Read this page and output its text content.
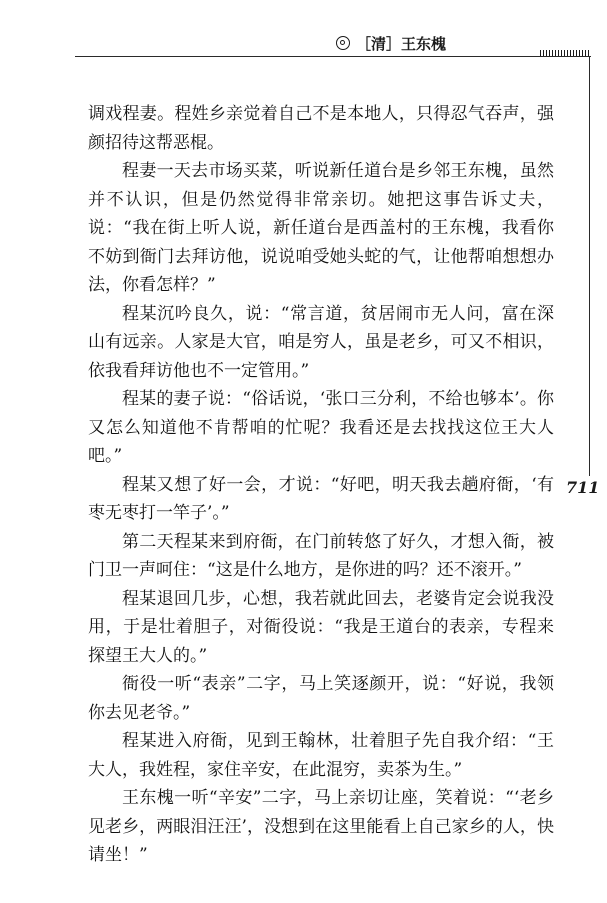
［清］王东槐
711

调戏程妻。程姓乡亲觉着自己不是本地人，只得忍气吞声，强颜招待这帮恶棍。

程妻一天去市场买菜，听说新任道台是乡邻王东槐，虽然并不认识，但是仍然觉得非常亲切。她把这事告诉丈夫，说：“我在街上听人说，新任道台是西盖村的王东槐，我看你不妨到衙门去拜访他，说说咱受她头蛇的气，让他帮咱想想办法，你看怎样？”

程某沉吟良久，说：“常言道，贫居闹市无人问，富在深山有远亲。人家是大官，咱是穷人，虽是老乡，可又不相识，依我看拜访他也不一定管用。”

程某的妻子说：“俗话说，‘张口三分利，不给也够本’。你又怎么知道他不肯帮咱的忙呢？我看还是去找找这位王大人吧。”

程某又想了好一会，才说：“好吧，明天我去趟府衙，‘有枣无枣打一竿子’。”

第二天程某来到府衙，在门前转悠了好久，才想入衙，被门卫一声呵住：“这是什么地方，是你进的吗？还不滚开。”

程某退回几步，心想，我若就此回去，老婆肯定会说我没用，于是壮着胆子，对衙役说：“我是王道台的表亲，专程来探望王大人的。”

衙役一听“表亲”二字，马上笑逐颜开，说：“好说，我领你去见老爷。”

程某进入府衙，见到王翰林，壮着胆子先自我介绍：“王大人，我姓程，家住辛安，在此混穷，卖茶为生。”

王东槐一听“辛安”二字，马上亲切让座，笑着说：“‘老乡见老乡，两眼泪汪汪’，没想到在这里能看上自己家乡的人，快请坐！”
